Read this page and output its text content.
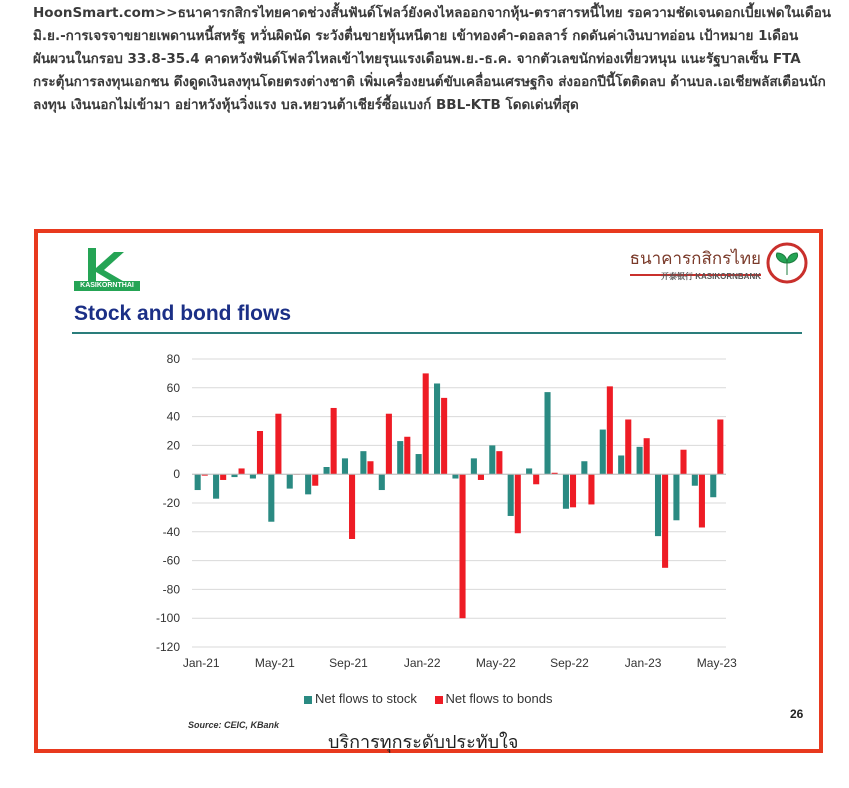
HoonSmart.com>>ธนาคารกสิกรไทยคาดช่วงสั้นฟันด์โฟลว์ยังคงไหลออกจากหุ้น-ตราสารหนี้ไทย รอความชัดเจนดอกเบี้ยเฟดในเดือนมิ.ย.-การเจรจาขยายเพดานหนี้สหรัฐ หวั่นผิดนัด ระวังตื่นขายหุ้นหนีตาย เข้าทองคำ-ดอลลาร์ กดดันค่าเงินบาทอ่อน เป้าหมาย 1เดือนผันผวนในกรอบ 33.8-35.4 คาดหวังฟันด์โฟลว์ไหลเข้าไทยรุนแรงเดือนพ.ย.-ธ.ค. จากตัวเลขนักท่องเที่ยวหนุน แนะรัฐบาลเซ็น FTA กระตุ้นการลงทุนเอกชน ดึงดูดเงินลงทุนโดยตรงต่างชาติ เพิ่มเครื่องยนต์ขับเคลื่อนเศรษฐกิจ ส่งออกปีนี้โตติดลบ ด้านบล.เอเชียพลัสเตือนนักลงทุน เงินนอกไม่เข้ามา อย่าหวังหุ้นวิ่งแรง บล.หยวนต้าเชียร์ซื้อแบงก์ BBL-KTB โดดเด่นที่สุด
KASIKORNTHAI
ธนาคารกสิกรไทย
开泰银行 KASIKORNBANK
Stock and bond flows
80
60
40
20
0
-20
-40
-60
-80
-100
-120
Jan-21	May-21	Sep-21	Jan-22	May-22	Sep-22	Jan-23	May-23
Net flows to stock Net flows to bonds
Source: CEIC, KBank
26
บริการทุกระดับประทับใจ
